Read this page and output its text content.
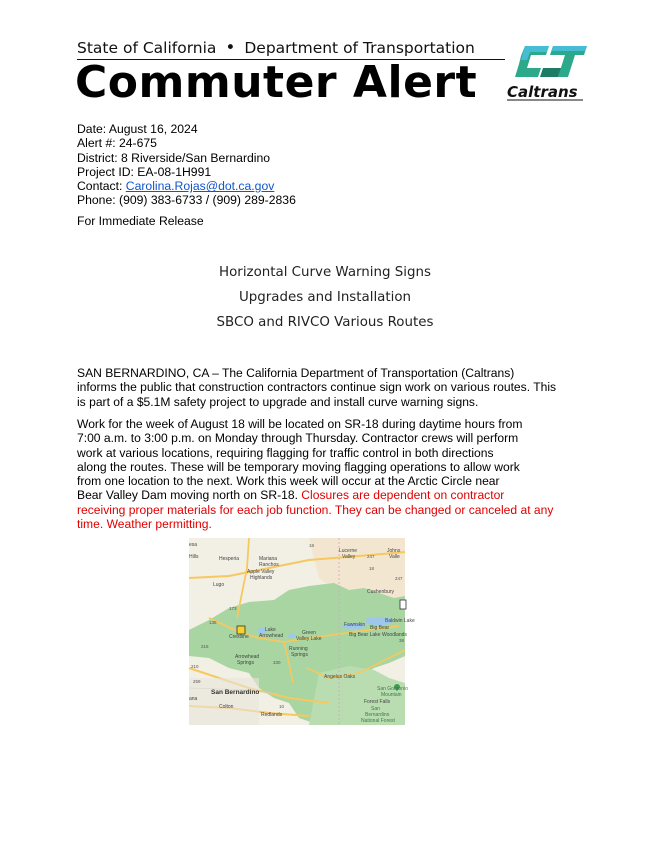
State of California • Department of Transportation
Commuter Alert Caltrans
Date: August 16, 2024
Alert #: 24-675
District: 8 Riverside/San Bernardino
Project ID: EA-08-1H991
Contact: Carolina.Rojas@dot.ca.gov
Phone: (909) 383-6733 / (909) 289-2836
For Immediate Release
Horizontal Curve Warning Signs
Upgrades and Installation
SBCO and RIVCO Various Routes
SAN BERNARDINO, CA – The California Department of Transportation (Caltrans)
informs the public that construction contractors continue sign work on various routes. This
is part of a $5.1M safety project to upgrade and install curve warning signs.
Work for the week of August 18 will be located on SR-18 during daytime hours from
7:00 a.m. to 3:00 p.m. on Monday through Thursday. Contractor crews will perform
work at various locations, requiring flagging for traffic control in both directions
along the routes. These will be temporary moving flagging operations to allow work
from one location to the next. Work this week will occur at the Arctic Circle near
Bear Valley Dam moving north on SR-18. Closures are dependent on contractor
receiving proper materials for each job function. They can be changed or canceled at any
time. Weather permitting.
Hesperia	Mariana
Ranchos
Apple Valley
Highlands
Lugo
Lucerne
Valley
Johns
Valle
Cushenbury
Baldwin Lake
Fawnskin Big Bear
Big Bear Lake Woodlands
Lake
Arrowhead	Green
Valley Lake
Crestline
Running
Springs
Arrowhead
Springs
Angelus Oaks
San Gorgonio
Mountain
Forest Falls
San
Bernardino
National Forest
San Bernardino
Colton
Redlands
esa
Hills
ana
18
247
173
138
330
38
210
215
10
259
18
247
